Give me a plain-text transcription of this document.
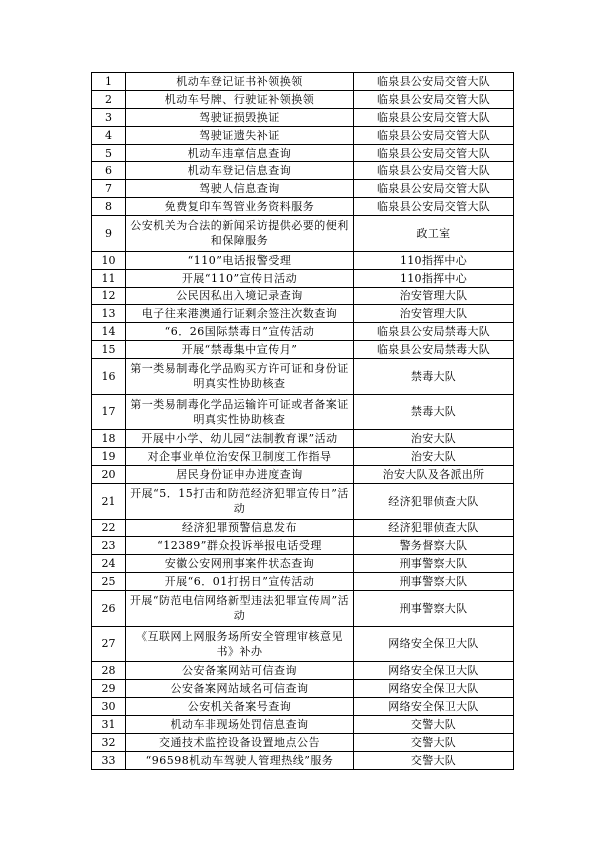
1	机动车登记证书补领换领	临泉县公安局交管大队
2	机动车号牌、行驶证补领换领	临泉县公安局交管大队
3	驾驶证损毁换证	临泉县公安局交管大队
4	驾驶证遗失补证	临泉县公安局交管大队
5	机动车违章信息查询	临泉县公安局交管大队
6	机动车登记信息查询	临泉县公安局交管大队
7	驾驶人信息查询	临泉县公安局交管大队
8	免费复印车驾管业务资料服务	临泉县公安局交管大队
9	公安机关为合法的新闻采访提供必要的便利和保障服务	政工室
10	“110”电话报警受理	110指挥中心
11	开展“110”宣传日活动	110指挥中心
12	公民因私出入境记录查询	治安管理大队
13	电子往来港澳通行证剩余签注次数查询	治安管理大队
14	“6．26国际禁毒日”宣传活动	临泉县公安局禁毒大队
15	开展“禁毒集中宣传月”	临泉县公安局禁毒大队
16	第一类易制毒化学品购买方许可证和身份证明真实性协助核查	禁毒大队
17	第一类易制毒化学品运输许可证或者备案证明真实性协助核查	禁毒大队
18	开展中小学、幼儿园“法制教育课”活动	治安大队
19	对企事业单位治安保卫制度工作指导	治安大队
20	居民身份证申办进度查询	治安大队及各派出所
21	开展“5．15打击和防范经济犯罪宣传日”活动	经济犯罪侦查大队
22	经济犯罪预警信息发布	经济犯罪侦查大队
23	“12389”群众投诉举报电话受理	警务督察大队
24	安徽公安网刑事案件状态查询	刑事警察大队
25	开展“6．01打拐日”宣传活动	刑事警察大队
26	开展“防范电信网络新型违法犯罪宣传周”活动	刑事警察大队
27	《互联网上网服务场所安全管理审核意见书》补办	网络安全保卫大队
28	公安备案网站可信查询	网络安全保卫大队
29	公安备案网站域名可信查询	网络安全保卫大队
30	公安机关备案号查询	网络安全保卫大队
31	机动车非现场处罚信息查询	交警大队
32	交通技术监控设备设置地点公告	交警大队
33	“96598机动车驾驶人管理热线”服务	交警大队
